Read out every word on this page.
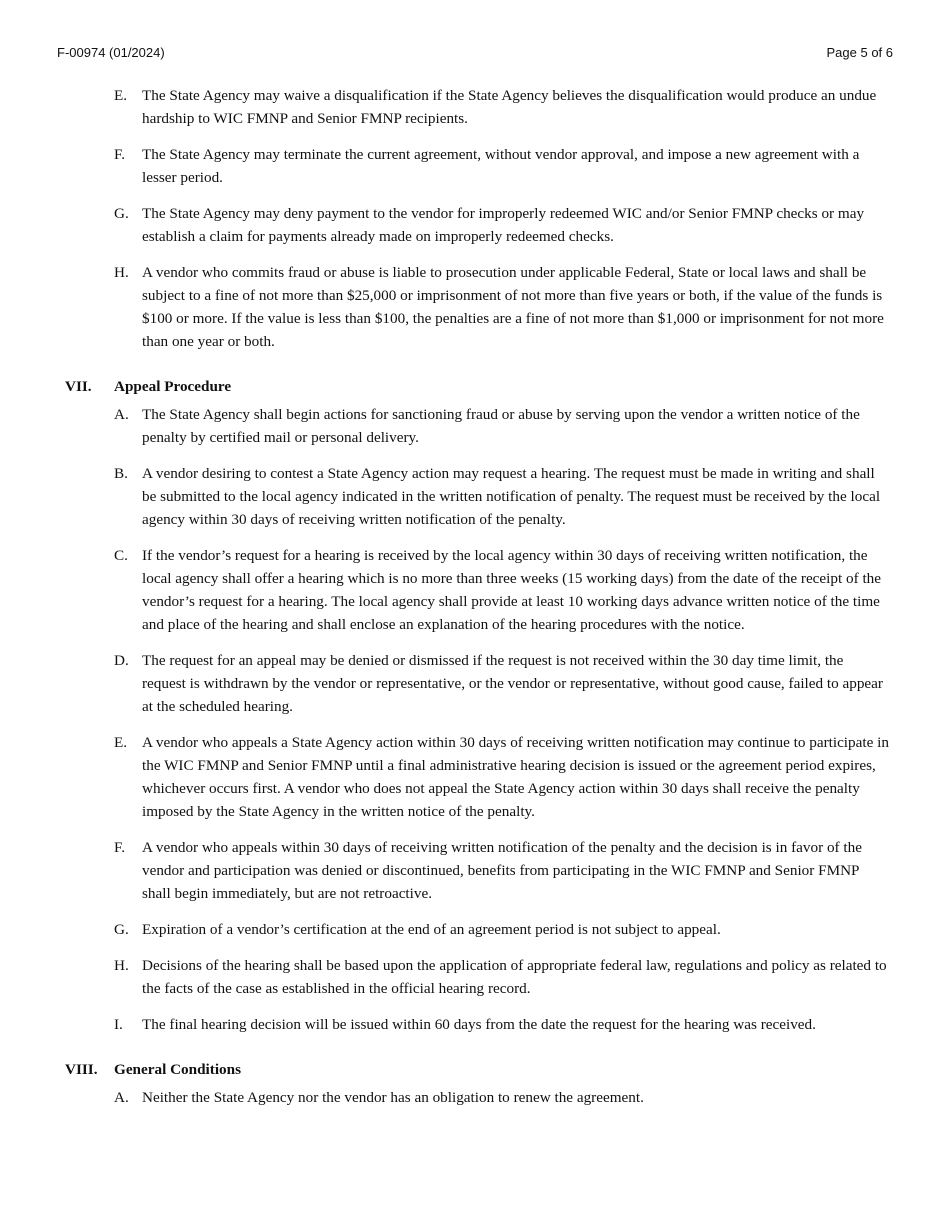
F-00974 (01/2024)	Page 5 of 6
E. The State Agency may waive a disqualification if the State Agency believes the disqualification would produce an undue hardship to WIC FMNP and Senior FMNP recipients.
F. The State Agency may terminate the current agreement, without vendor approval, and impose a new agreement with a lesser period.
G. The State Agency may deny payment to the vendor for improperly redeemed WIC and/or Senior FMNP checks or may establish a claim for payments already made on improperly redeemed checks.
H. A vendor who commits fraud or abuse is liable to prosecution under applicable Federal, State or local laws and shall be subject to a fine of not more than $25,000 or imprisonment of not more than five years or both, if the value of the funds is $100 or more. If the value is less than $100, the penalties are a fine of not more than $1,000 or imprisonment for not more than one year or both.
VII. Appeal Procedure
A. The State Agency shall begin actions for sanctioning fraud or abuse by serving upon the vendor a written notice of the penalty by certified mail or personal delivery.
B. A vendor desiring to contest a State Agency action may request a hearing. The request must be made in writing and shall be submitted to the local agency indicated in the written notification of penalty. The request must be received by the local agency within 30 days of receiving written notification of the penalty.
C. If the vendor’s request for a hearing is received by the local agency within 30 days of receiving written notification, the local agency shall offer a hearing which is no more than three weeks (15 working days) from the date of the receipt of the vendor’s request for a hearing. The local agency shall provide at least 10 working days advance written notice of the time and place of the hearing and shall enclose an explanation of the hearing procedures with the notice.
D. The request for an appeal may be denied or dismissed if the request is not received within the 30 day time limit, the request is withdrawn by the vendor or representative, or the vendor or representative, without good cause, failed to appear at the scheduled hearing.
E. A vendor who appeals a State Agency action within 30 days of receiving written notification may continue to participate in the WIC FMNP and Senior FMNP until a final administrative hearing decision is issued or the agreement period expires, whichever occurs first. A vendor who does not appeal the State Agency action within 30 days shall receive the penalty imposed by the State Agency in the written notice of the penalty.
F. A vendor who appeals within 30 days of receiving written notification of the penalty and the decision is in favor of the vendor and participation was denied or discontinued, benefits from participating in the WIC FMNP and Senior FMNP shall begin immediately, but are not retroactive.
G. Expiration of a vendor’s certification at the end of an agreement period is not subject to appeal.
H. Decisions of the hearing shall be based upon the application of appropriate federal law, regulations and policy as related to the facts of the case as established in the official hearing record.
I. The final hearing decision will be issued within 60 days from the date the request for the hearing was received.
VIII. General Conditions
A. Neither the State Agency nor the vendor has an obligation to renew the agreement.
